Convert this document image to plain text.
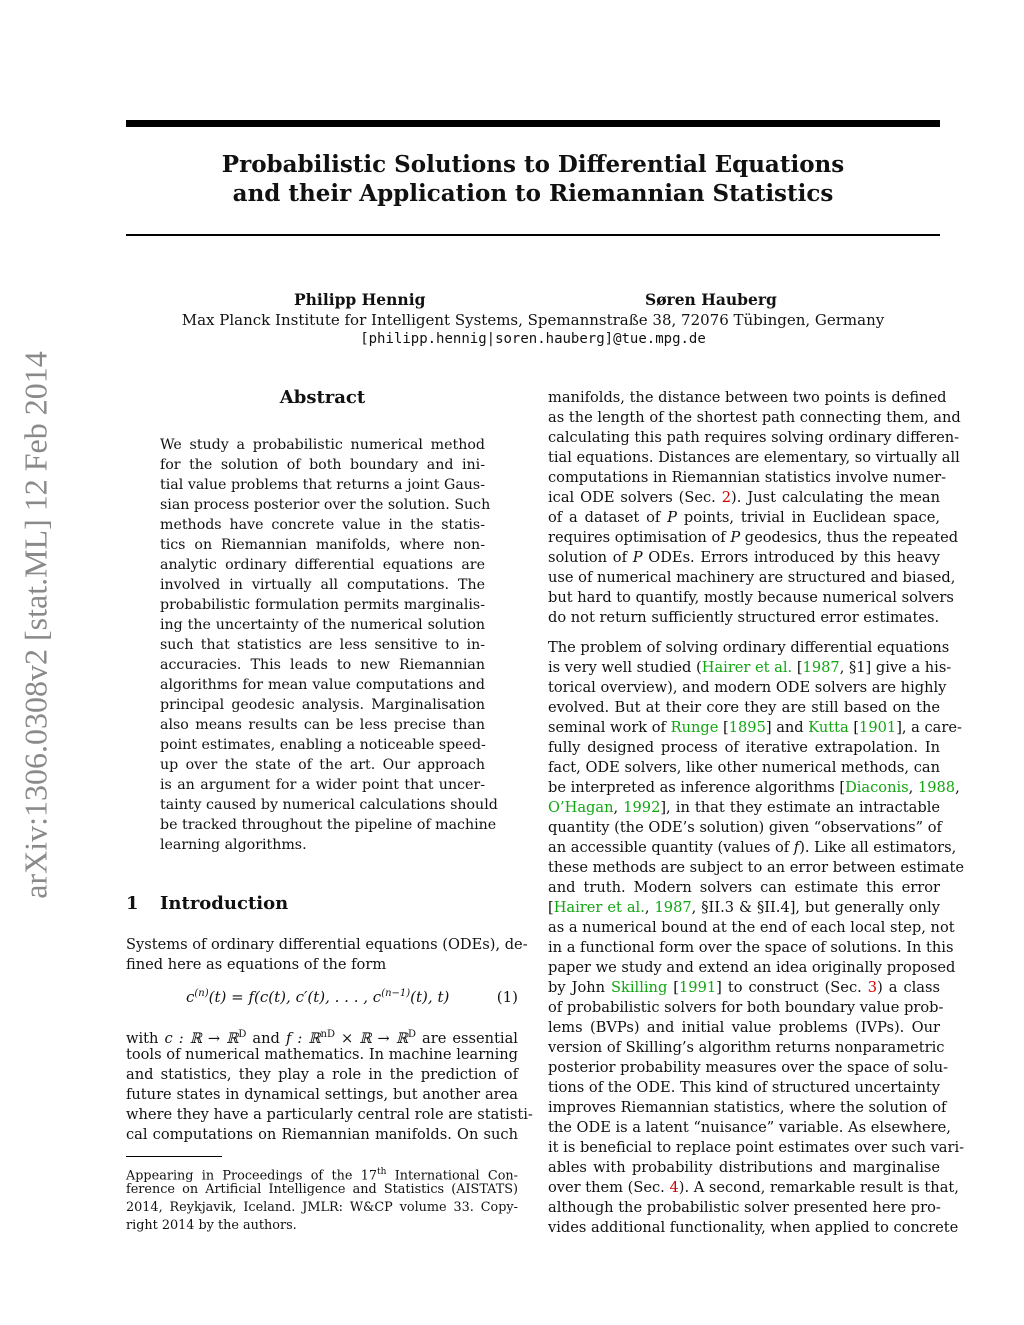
Probabilistic Solutions to Differential Equations
and their Application to Riemannian Statistics
Philipp Hennig	Søren Hauberg
Max Planck Institute for Intelligent Systems, Spemannstraße 38, 72076 Tübingen, Germany
[philipp.hennig|soren.hauberg]@tue.mpg.de
arXiv:1306.0308v2 [stat.ML] 12 Feb 2014	Abstract

We study a probabilistic numerical method

for the solution of both boundary and ini-

tial value problems that returns a joint Gaus-

sian process posterior over the solution. Such

methods have concrete value in the statis-

tics on Riemannian manifolds, where non-

analytic ordinary differential equations are

involved in virtually all computations. The

probabilistic formulation permits marginalis-

ing the uncertainty of the numerical solution

such that statistics are less sensitive to in-

accuracies. This leads to new Riemannian

algorithms for mean value computations and

principal geodesic analysis. Marginalisation

also means results can be less precise than

point estimates, enabling a noticeable speed-

up over the state of the art. Our approach

is an argument for a wider point that uncer-

tainty caused by numerical calculations should

be tracked throughout the pipeline of machine

learning algorithms.

1 Introduction

Systems of ordinary differential equations (ODEs), de-

fined here as equations of the form

$c^{(n)}(t) = f(c(t)$, c′(t), . . . , $c^{(n-1)}(t)$, t)	(1)

with c : ℝ → ℝ$^D$ and f : ℝ$^{nD}$ × ℝ → ℝ$^D$ are essential

tools of numerical mathematics. In machine learning

and statistics, they play a role in the prediction of

future states in dynamical settings, but another area

where they have a particularly central role are statisti-

cal computations on Riemannian manifolds. On such

Appearing in Proceedings of the 17th International Con-

ference on Artificial Intelligence and Statistics (AISTATS)

2014, Reykjavik, Iceland. JMLR: W&CP volume 33. Copy-

right 2014 by the authors.

manifolds, the distance between two points is defined

as the length of the shortest path connecting them, and

calculating this path requires solving ordinary differen-

tial equations. Distances are elementary, so virtually all

computations in Riemannian statistics involve numer-

ical ODE solvers (Sec. 2). Just calculating the mean

of a dataset of P points, trivial in Euclidean space,

requires optimisation of P geodesics, thus the repeated

solution of P ODEs. Errors introduced by this heavy

use of numerical machinery are structured and biased,

but hard to quantify, mostly because numerical solvers

do not return sufficiently structured error estimates.

The problem of solving ordinary differential equations

is very well studied (Hairer et al. [1987, §1] give a his-

torical overview), and modern ODE solvers are highly

evolved. But at their core they are still based on the

seminal work of Runge [1895] and Kutta [1901], a care-

fully designed process of iterative extrapolation. In

fact, ODE solvers, like other numerical methods, can

be interpreted as inference algorithms [Diaconis, 1988,

O’Hagan, 1992], in that they estimate an intractable

quantity (the ODE’s solution) given “observations” of

an accessible quantity (values of f). Like all estimators,

these methods are subject to an error between estimate

and truth. Modern solvers can estimate this error

[Hairer et al., 1987, §II.3 & §II.4], but generally only

as a numerical bound at the end of each local step, not

in a functional form over the space of solutions. In this

paper we study and extend an idea originally proposed

by John Skilling [1991] to construct (Sec. 3) a class

of probabilistic solvers for both boundary value prob-

lems (BVPs) and initial value problems (IVPs). Our

version of Skilling’s algorithm returns nonparametric

posterior probability measures over the space of solu-

tions of the ODE. This kind of structured uncertainty

improves Riemannian statistics, where the solution of

the ODE is a latent “nuisance” variable. As elsewhere,

it is beneficial to replace point estimates over such vari-

ables with probability distributions and marginalise

over them (Sec. 4). A second, remarkable result is that,

although the probabilistic solver presented here pro-

vides additional functionality, when applied to concrete
